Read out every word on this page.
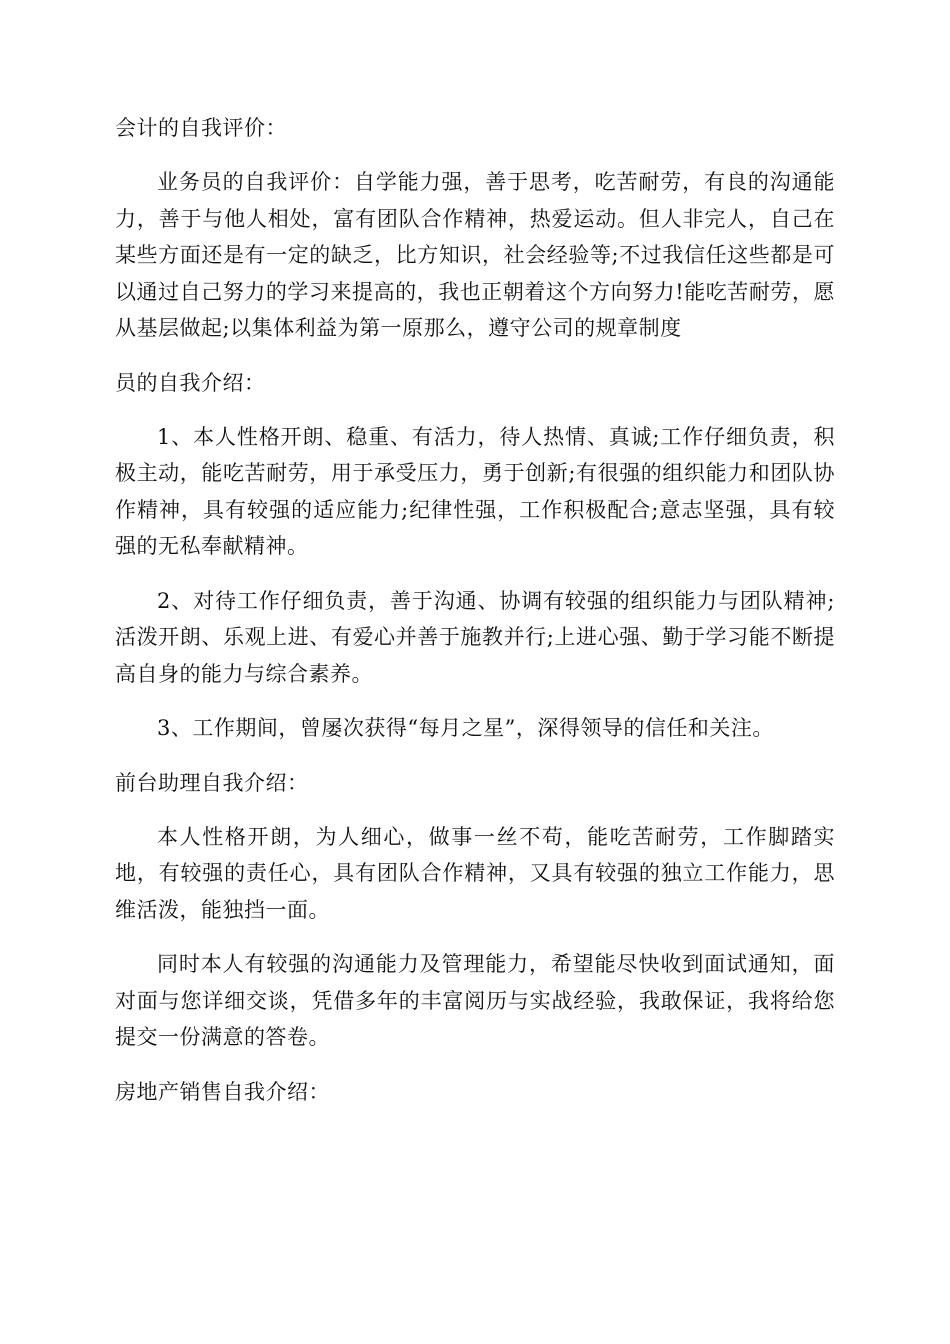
会计的自我评价：

业务员的自我评价：自学能力强，善于思考，吃苦耐劳，有良的沟通能力，善于与他人相处，富有团队合作精神，热爱运动。但人非完人，自己在某些方面还是有一定的缺乏，比方知识，社会经验等;不过我信任这些都是可以通过自己努力的学习来提高的，我也正朝着这个方向努力!能吃苦耐劳，愿从基层做起;以集体利益为第一原那么，遵守公司的规章制度

员的自我介绍：

1、本人性格开朗、稳重、有活力，待人热情、真诚;工作仔细负责，积极主动，能吃苦耐劳，用于承受压力，勇于创新;有很强的组织能力和团队协作精神，具有较强的适应能力;纪律性强，工作积极配合;意志坚强，具有较强的无私奉献精神。

2、对待工作仔细负责，善于沟通、协调有较强的组织能力与团队精神;活泼开朗、乐观上进、有爱心并善于施教并行;上进心强、勤于学习能不断提高自身的能力与综合素养。

3、工作期间，曾屡次获得“每月之星”，深得领导的信任和关注。

前台助理自我介绍：

本人性格开朗，为人细心，做事一丝不苟，能吃苦耐劳，工作脚踏实地，有较强的责任心，具有团队合作精神，又具有较强的独立工作能力，思维活泼，能独挡一面。

同时本人有较强的沟通能力及管理能力，希望能尽快收到面试通知，面对面与您详细交谈，凭借多年的丰富阅历与实战经验，我敢保证，我将给您提交一份满意的答卷。

房地产销售自我介绍：
